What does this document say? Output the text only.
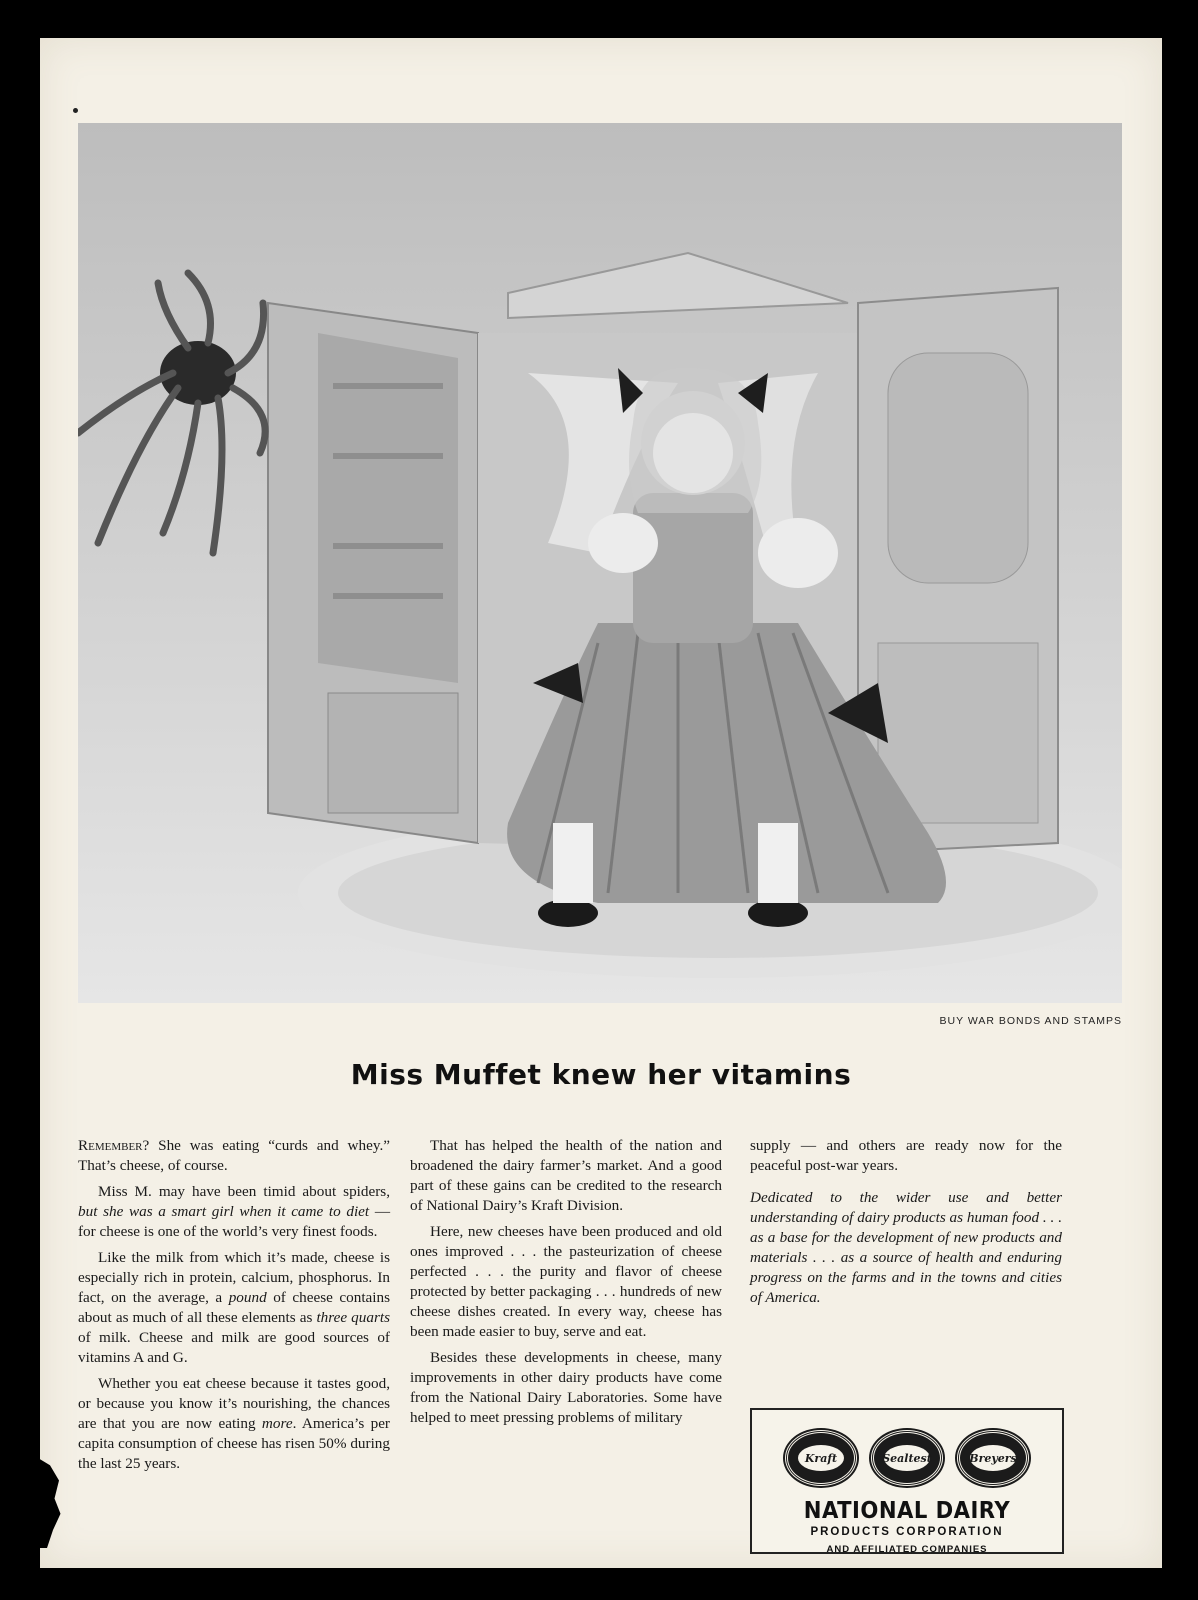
BUY WAR BONDS AND STAMPS
Miss Muffet knew her vitamins

Remember? She was eating “curds and whey.” That’s cheese, of course.

Miss M. may have been timid about spiders, but she was a smart girl when it came to diet — for cheese is one of the world’s very finest foods.

Like the milk from which it’s made, cheese is especially rich in protein, calcium, phosphorus. In fact, on the average, a pound of cheese contains about as much of all these elements as three quarts of milk. Cheese and milk are good sources of vitamins A and G.

Whether you eat cheese because it tastes good, or because you know it’s nourishing, the chances are that you are now eating more. America’s per capita consumption of cheese has risen 50% during the last 25 years.

That has helped the health of the nation and broadened the dairy farmer’s market. And a good part of these gains can be credited to the research of National Dairy’s Kraft Division.

Here, new cheeses have been produced and old ones improved . . . the pasteurization of cheese perfected . . . the purity and flavor of cheese protected by better packaging . . . hundreds of new cheese dishes created. In every way, cheese has been made easier to buy, serve and eat.

Besides these developments in cheese, many improvements in other dairy products have come from the National Dairy Laboratories. Some have helped to meet pressing problems of military

supply — and others are ready now for the peaceful post-war years.

Dedicated to the wider use and better understanding of dairy products as human food . . . as a base for the development of new products and materials . . . as a source of health and enduring progress on the farms and in the towns and cities of America.

Kraft	Sealtest	Breyers
NATIONAL DAIRY
PRODUCTS CORPORATION
AND AFFILIATED COMPANIES
